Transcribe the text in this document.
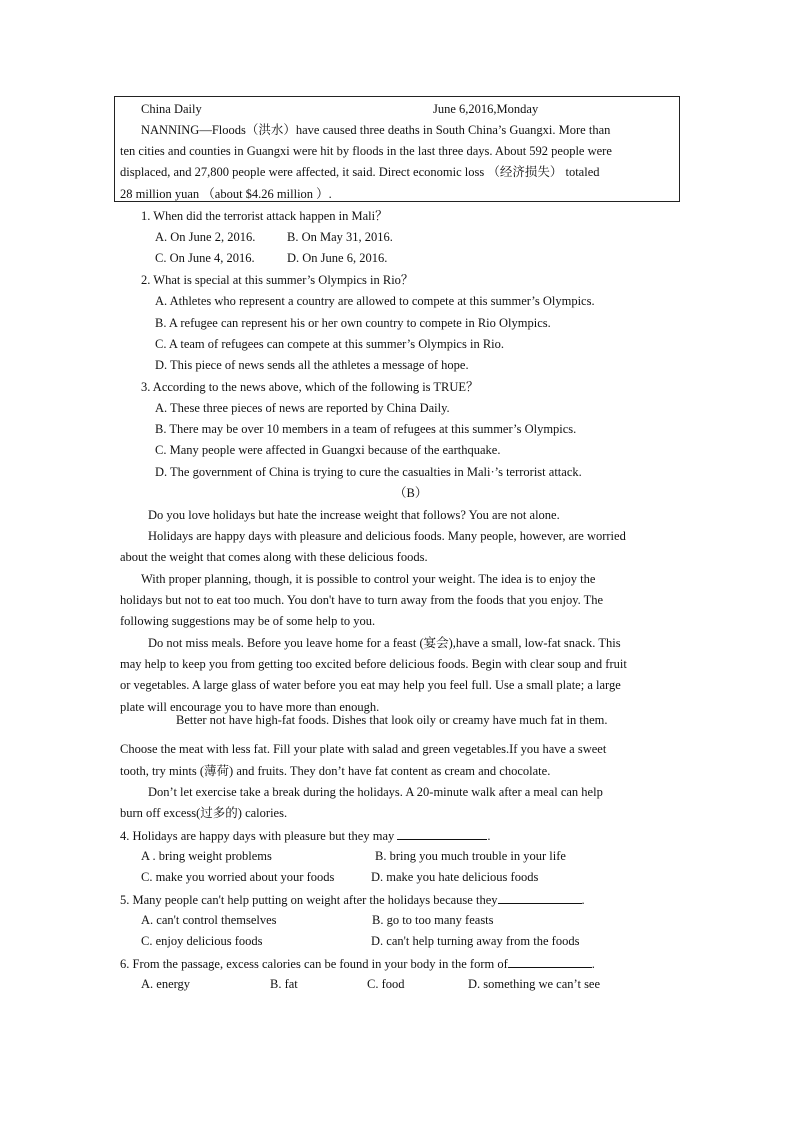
China Daily	June 6,2016,Monday
NANNING—Floods（洪水）have caused three deaths in South China’s Guangxi. More than
ten cities and counties in Guangxi were hit by floods in the last three days. About 592 people were
displaced, and 27,800 people were affected, it said. Direct economic loss （经济损失） totaled
28 million yuan （about $4.26 million ）.
1. When did the terrorist attack happen in Mali？
A. On June 2, 2016.	B. On May 31, 2016.
C. On June 4, 2016.	D. On June 6, 2016.
2. What is special at this summer’s Olympics in Rio？
A. Athletes who represent a country are allowed to compete at this summer’s Olympics.
B. A refugee can represent his or her own country to compete in Rio Olympics.
C. A team of refugees can compete at this summer’s Olympics in Rio.
D. This piece of news sends all the athletes a message of hope.
3. According to the news above, which of the following is TRUE？
A. These three pieces of news are reported by China Daily.
B. There may be over 10 members in a team of refugees at this summer’s Olympics.
C. Many people were affected in Guangxi because of the earthquake.
D. The government of China is trying to cure the casualties in Mali·’s terrorist attack.
（B）
Do you love holidays but hate the increase weight that follows? You are not alone.
Holidays are happy days with pleasure and delicious foods. Many people, however, are worried
about the weight that comes along with these delicious foods.
With proper planning, though, it is possible to control your weight. The idea is to enjoy the
holidays but not to eat too much. You don't have to turn away from the foods that you enjoy. The
following suggestions may be of some help to you.
Do not miss meals. Before you leave home for a feast (宴会),have a small, low-fat snack. This
may help to keep you from getting too excited before delicious foods. Begin with clear soup and fruit
or vegetables. A large glass of water before you eat may help you feel full. Use a small plate; a large
plate will encourage you to have more than enough.
Better not have high-fat foods. Dishes that look oily or creamy have much fat in them.
Choose the meat with less fat. Fill your plate with salad and green vegetables.If you have a sweet
tooth, try mints (薄荷) and fruits. They don’t have fat content as cream and chocolate.
Don’t let exercise take a break during the holidays. A 20-minute walk after a meal can help
burn off excess(过多的) calories.
4. Holidays are happy days with pleasure but they may	.
A . bring weight problems	B. bring you much trouble in your life
C. make you worried about your foods	D. make you hate delicious foods
5. Many people can't help putting on weight after the holidays because they	.
A. can't control themselves	B. go to too many feasts
C. enjoy delicious foods	D. can't help turning away from the foods
6. From the passage, excess calories can be found in your body in the form of	.
A. energy	B. fat	C. food	D. something we can’t see
